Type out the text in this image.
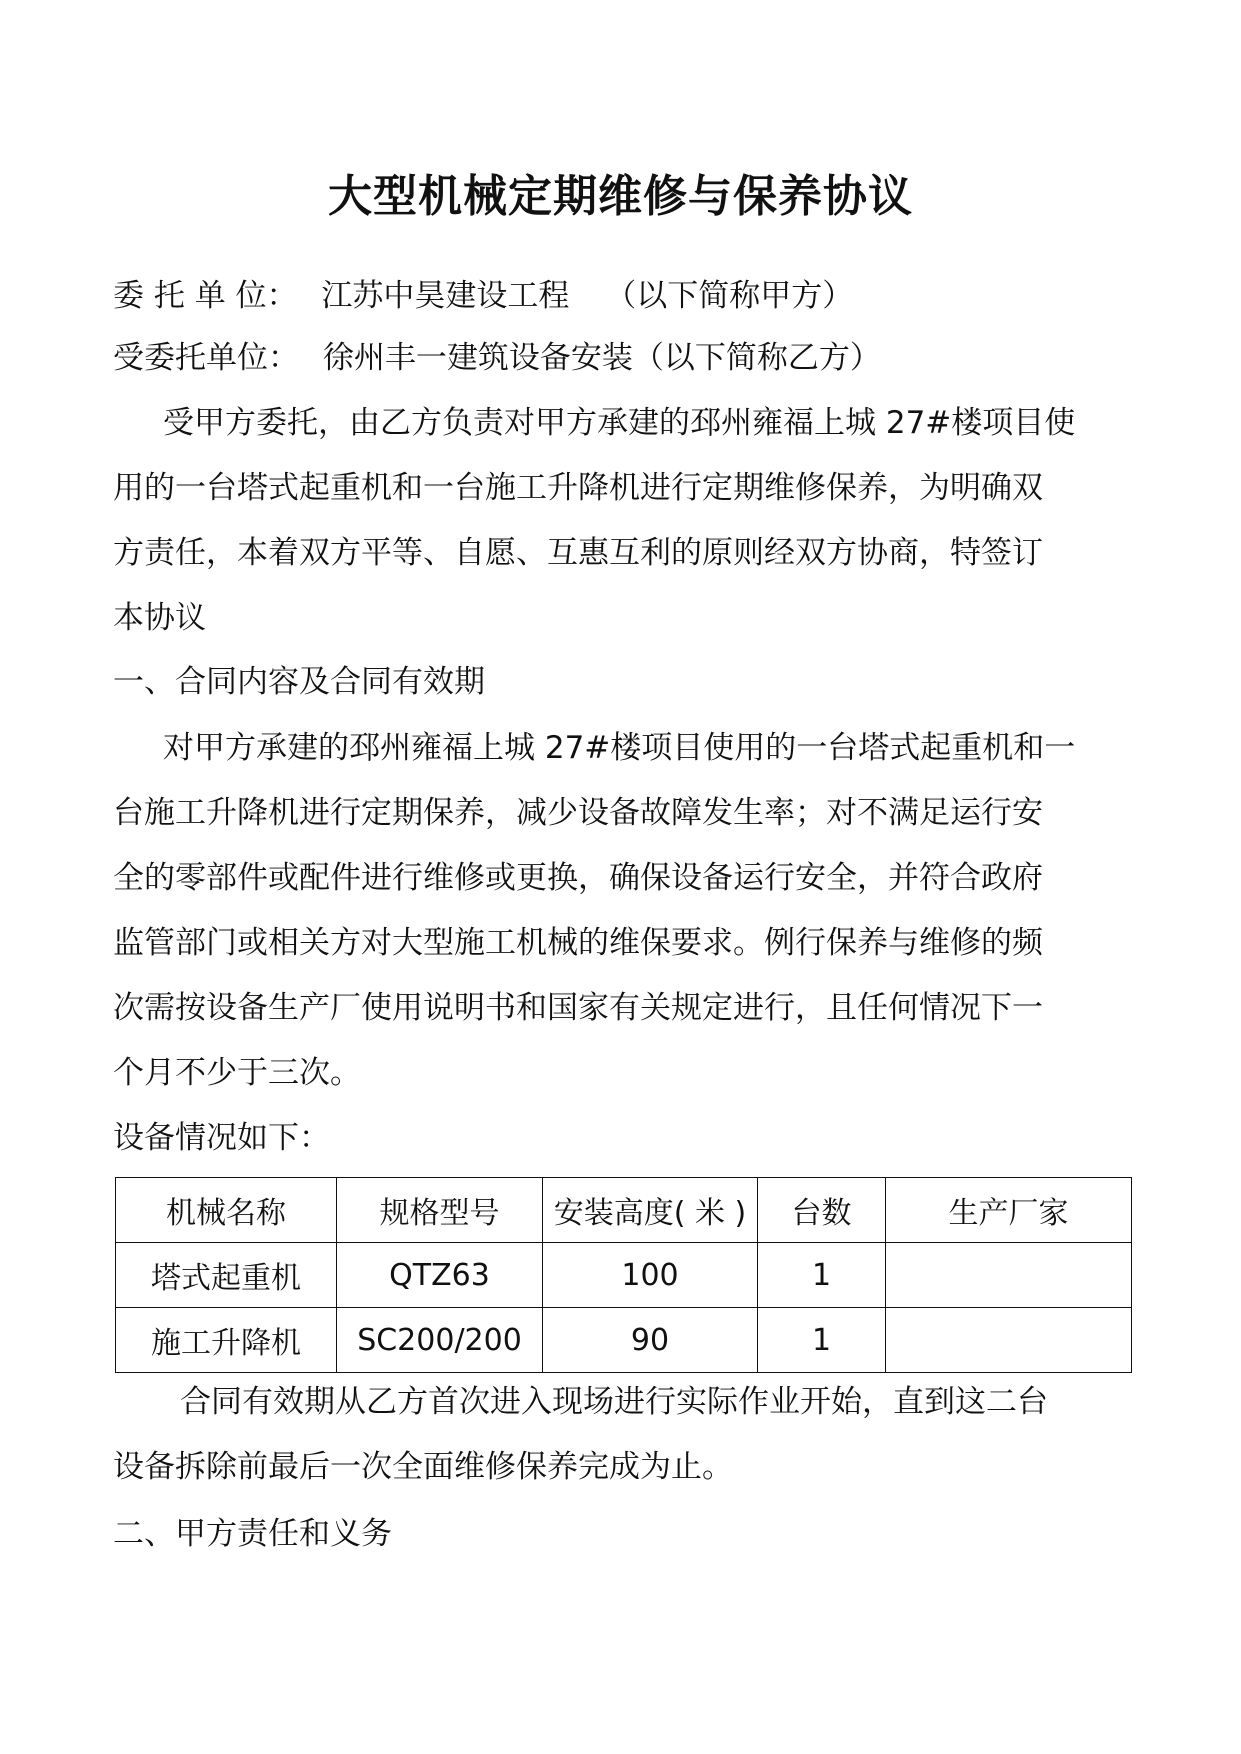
大型机械定期维修与保养协议
委 托 单 位： 江苏中昊建设工程 （以下简称甲方）
受委托单位： 徐州丰一建筑设备安装（以下简称乙方）
受甲方委托，由乙方负责对甲方承建的邳州雍福上城 27#楼项目使
用的一台塔式起重机和一台施工升降机进行定期维修保养，为明确双
方责任，本着双方平等、自愿、互惠互利的原则经双方协商，特签订
本协议
一、合同内容及合同有效期
对甲方承建的邳州雍福上城 27#楼项目使用的一台塔式起重机和一
台施工升降机进行定期保养，减少设备故障发生率；对不满足运行安
全的零部件或配件进行维修或更换，确保设备运行安全，并符合政府
监管部门或相关方对大型施工机械的维保要求。例行保养与维修的频
次需按设备生产厂使用说明书和国家有关规定进行，且任何情况下一
个月不少于三次。
设备情况如下：
机械名称	规格型号	安装高度( 米 )	台数	生产厂家
塔式起重机	QTZ63	100	1	
施工升降机	SC200/200	90	1	
合同有效期从乙方首次进入现场进行实际作业开始，直到这二台
设备拆除前最后一次全面维修保养完成为止。
二、甲方责任和义务
